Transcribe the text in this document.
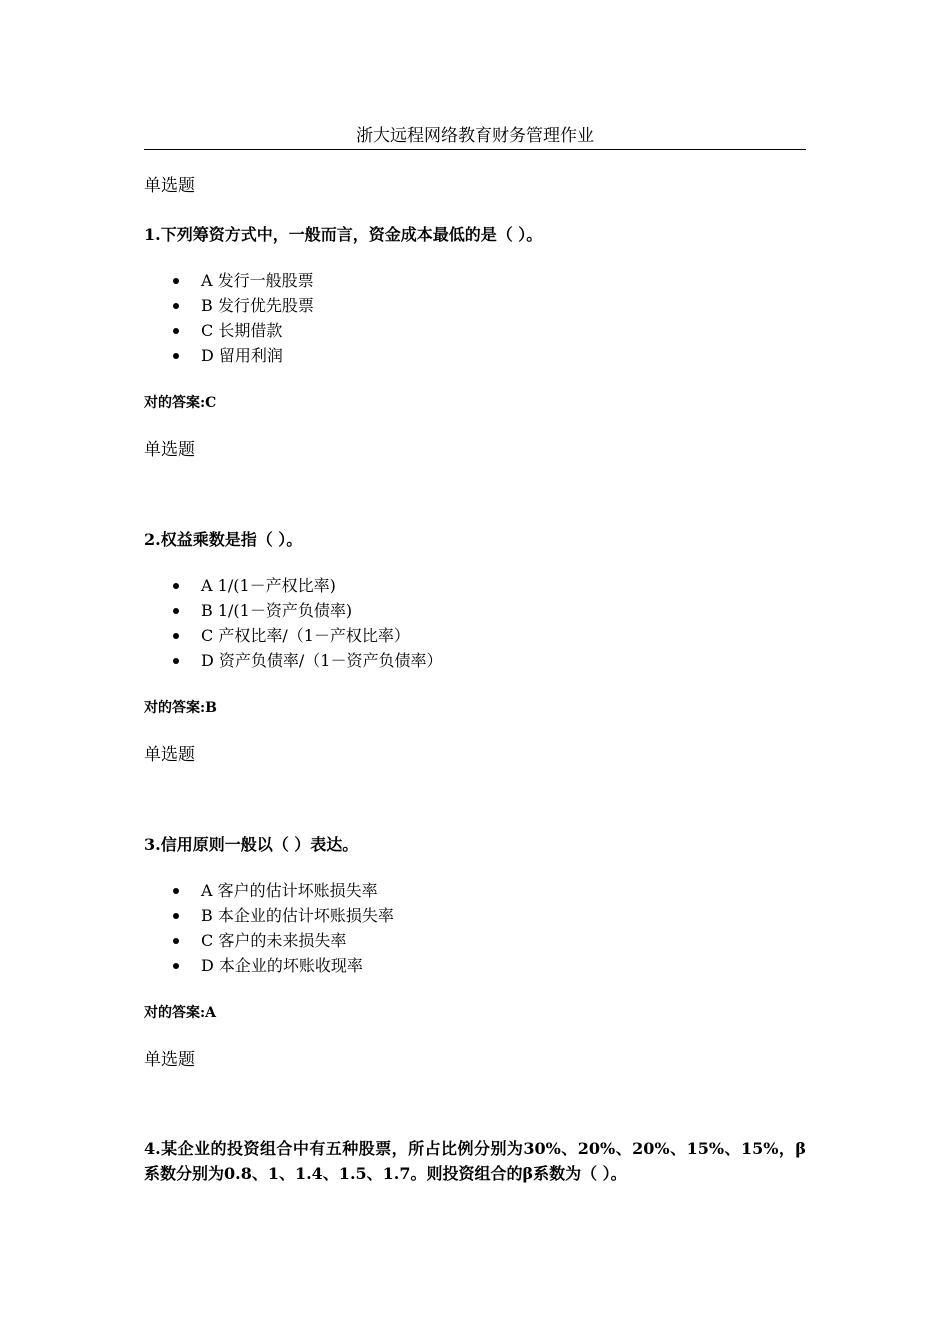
浙大远程网络教育财务管理作业
单选题
1.下列筹资方式中，一般而言，资金成本最低的是（ ）。
A 发行一般股票
B 发行优先股票
C 长期借款
D 留用利润
对的答案:C
单选题
2.权益乘数是指（ ）。
A 1/(1－产权比率)
B 1/(1－资产负债率)
C 产权比率/（1－产权比率）
D 资产负债率/（1－资产负债率）
对的答案:B
单选题
3.信用原则一般以（ ）表达。
A 客户的估计坏账损失率
B 本企业的估计坏账损失率
C 客户的未来损失率
D 本企业的坏账收现率
对的答案:A
单选题
4.某企业的投资组合中有五种股票，所占比例分别为30%、20%、20%、15%、15%，β系数分别为0.8、1、1.4、1.5、1.7。则投资组合的β系数为（ ）。
